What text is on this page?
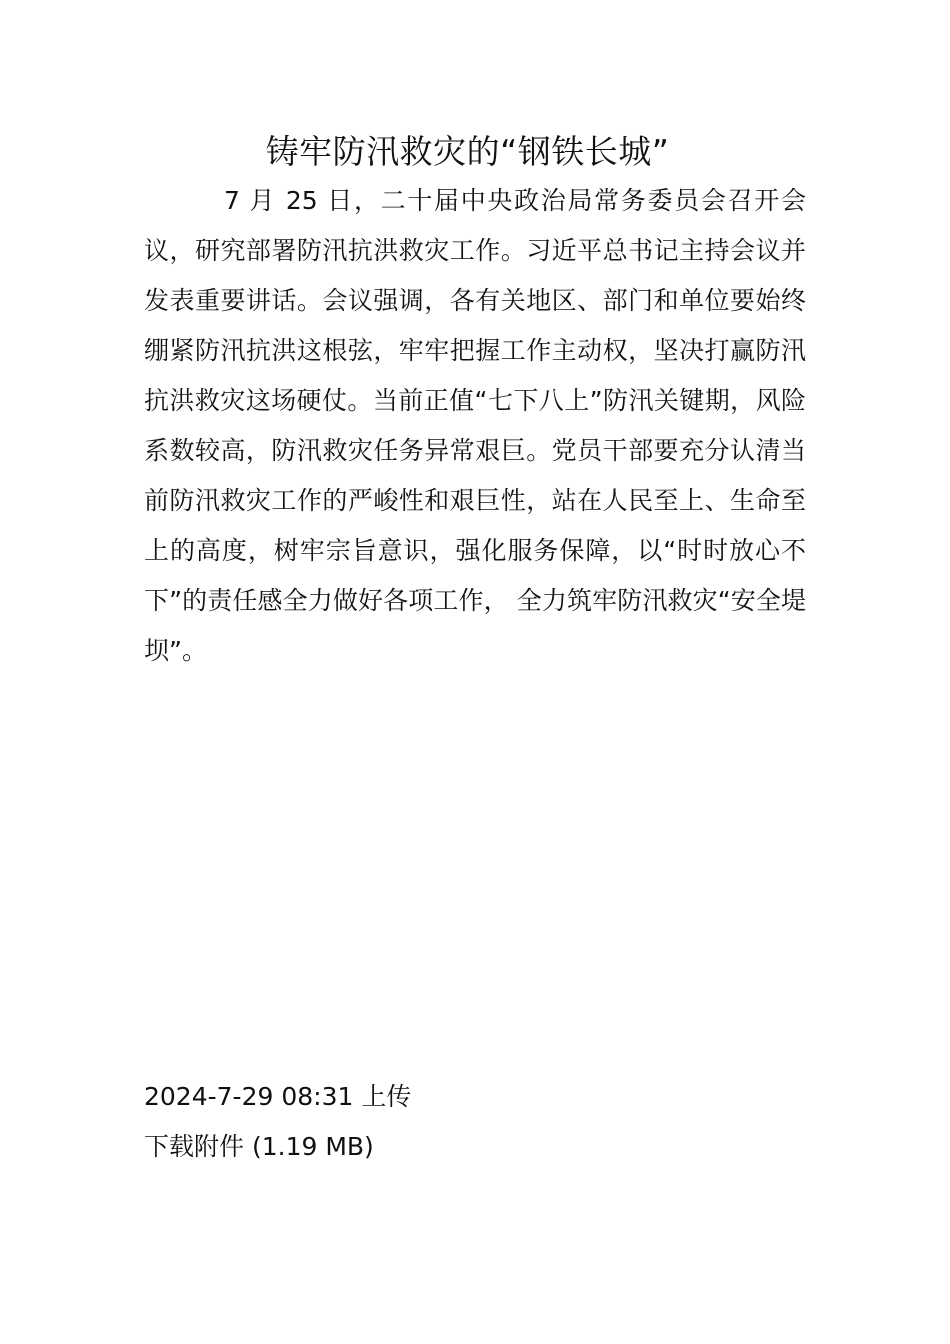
铸牢防汛救灾的“钢铁长城”

7 月 25 日，二十届中央政治局常务委员会召开会议，研究部署防汛抗洪救灾工作。习近平总书记主持会议并发表重要讲话。会议强调，各有关地区、部门和单位要始终绷紧防汛抗洪这根弦，牢牢把握工作主动权，坚决打赢防汛抗洪救灾这场硬仗。当前正值“七下八上”防汛关键期，风险系数较高，防汛救灾任务异常艰巨。党员干部要充分认清当前防汛救灾工作的严峻性和艰巨性，站在人民至上、生命至上的高度，树牢宗旨意识，强化服务保障，以“时时放心不下”的责任感全力做好各项工作， 全力筑牢防汛救灾“安全堤坝”。

2024-7-29 08:31 上传

下载附件 (1.19 MB)
